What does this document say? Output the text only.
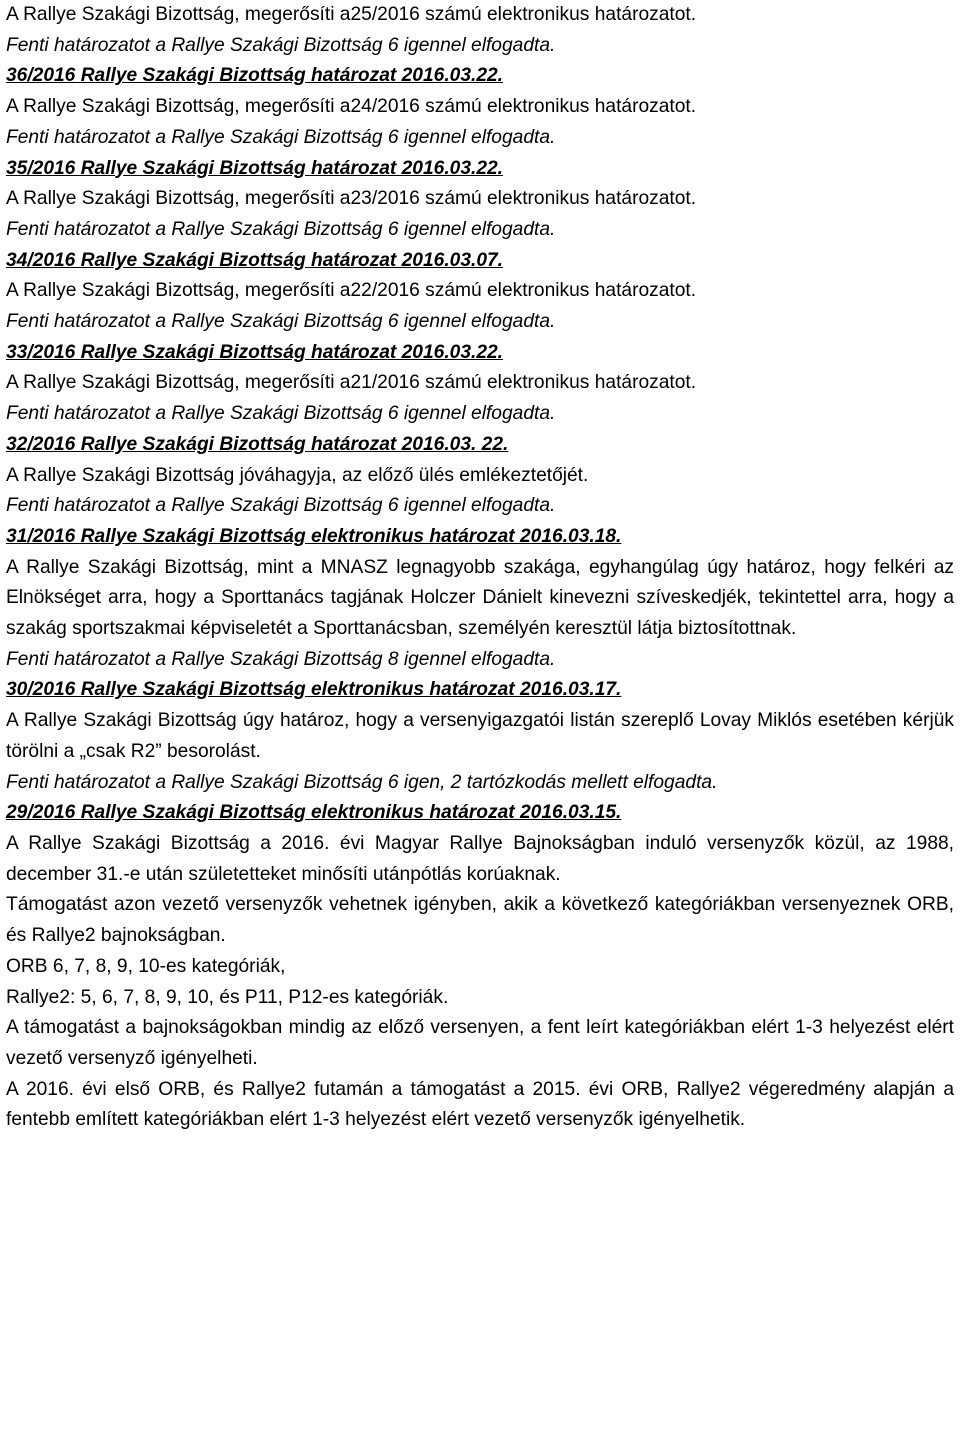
A Rallye Szakági Bizottság, megerősíti a25/2016 számú elektronikus határozatot.

Fenti határozatot a Rallye Szakági Bizottság 6 igennel elfogadta.

36/2016 Rallye Szakági Bizottság határozat 2016.03.22.

A Rallye Szakági Bizottság, megerősíti a24/2016 számú elektronikus határozatot.

Fenti határozatot a Rallye Szakági Bizottság 6 igennel elfogadta.

35/2016 Rallye Szakági Bizottság határozat 2016.03.22.

A Rallye Szakági Bizottság, megerősíti a23/2016 számú elektronikus határozatot.

Fenti határozatot a Rallye Szakági Bizottság 6 igennel elfogadta.

34/2016 Rallye Szakági Bizottság határozat 2016.03.07.

A Rallye Szakági Bizottság, megerősíti a22/2016 számú elektronikus határozatot.

Fenti határozatot a Rallye Szakági Bizottság 6 igennel elfogadta.

33/2016 Rallye Szakági Bizottság határozat 2016.03.22.

A Rallye Szakági Bizottság, megerősíti a21/2016 számú elektronikus határozatot.

Fenti határozatot a Rallye Szakági Bizottság 6 igennel elfogadta.

32/2016 Rallye Szakági Bizottság határozat 2016.03. 22.

A Rallye Szakági Bizottság jóváhagyja, az előző ülés emlékeztetőjét.

Fenti határozatot a Rallye Szakági Bizottság 6 igennel elfogadta.

31/2016 Rallye Szakági Bizottság elektronikus határozat 2016.03.18.

A Rallye Szakági Bizottság, mint a MNASZ legnagyobb szakága, egyhangúlag úgy határoz, hogy felkéri az Elnökséget arra, hogy a Sporttanács tagjának Holczer Dánielt kinevezni szíveskedjék, tekintettel arra, hogy a szakág sportszakmai képviseletét a Sporttanácsban, személyén keresztül látja biztosítottnak.

Fenti határozatot a Rallye Szakági Bizottság 8 igennel elfogadta.

30/2016 Rallye Szakági Bizottság elektronikus határozat 2016.03.17.

A Rallye Szakági Bizottság úgy határoz, hogy a versenyigazgatói listán szereplő Lovay Miklós esetében kérjük törölni a „csak R2” besorolást.

Fenti határozatot a Rallye Szakági Bizottság 6 igen, 2 tartózkodás mellett elfogadta.

29/2016 Rallye Szakági Bizottság elektronikus határozat 2016.03.15.

A Rallye Szakági Bizottság a 2016. évi Magyar Rallye Bajnokságban induló versenyzők közül, az 1988, december 31.-e után születetteket minősíti utánpótlás korúaknak.

Támogatást azon vezető versenyzők vehetnek igényben, akik a következő kategóriákban versenyeznek ORB, és Rallye2 bajnokságban.

ORB 6, 7, 8, 9, 10-es kategóriák,

Rallye2: 5, 6, 7, 8, 9, 10, és P11, P12-es kategóriák.

A támogatást a bajnokságokban mindig az előző versenyen, a fent leírt kategóriákban elért 1-3 helyezést elért vezető versenyző igényelheti.

A 2016. évi első ORB, és Rallye2 futamán a támogatást a 2015. évi ORB, Rallye2 végeredmény alapján a fentebb említett kategóriákban elért 1-3 helyezést elért vezető versenyzők igényelhetik.
